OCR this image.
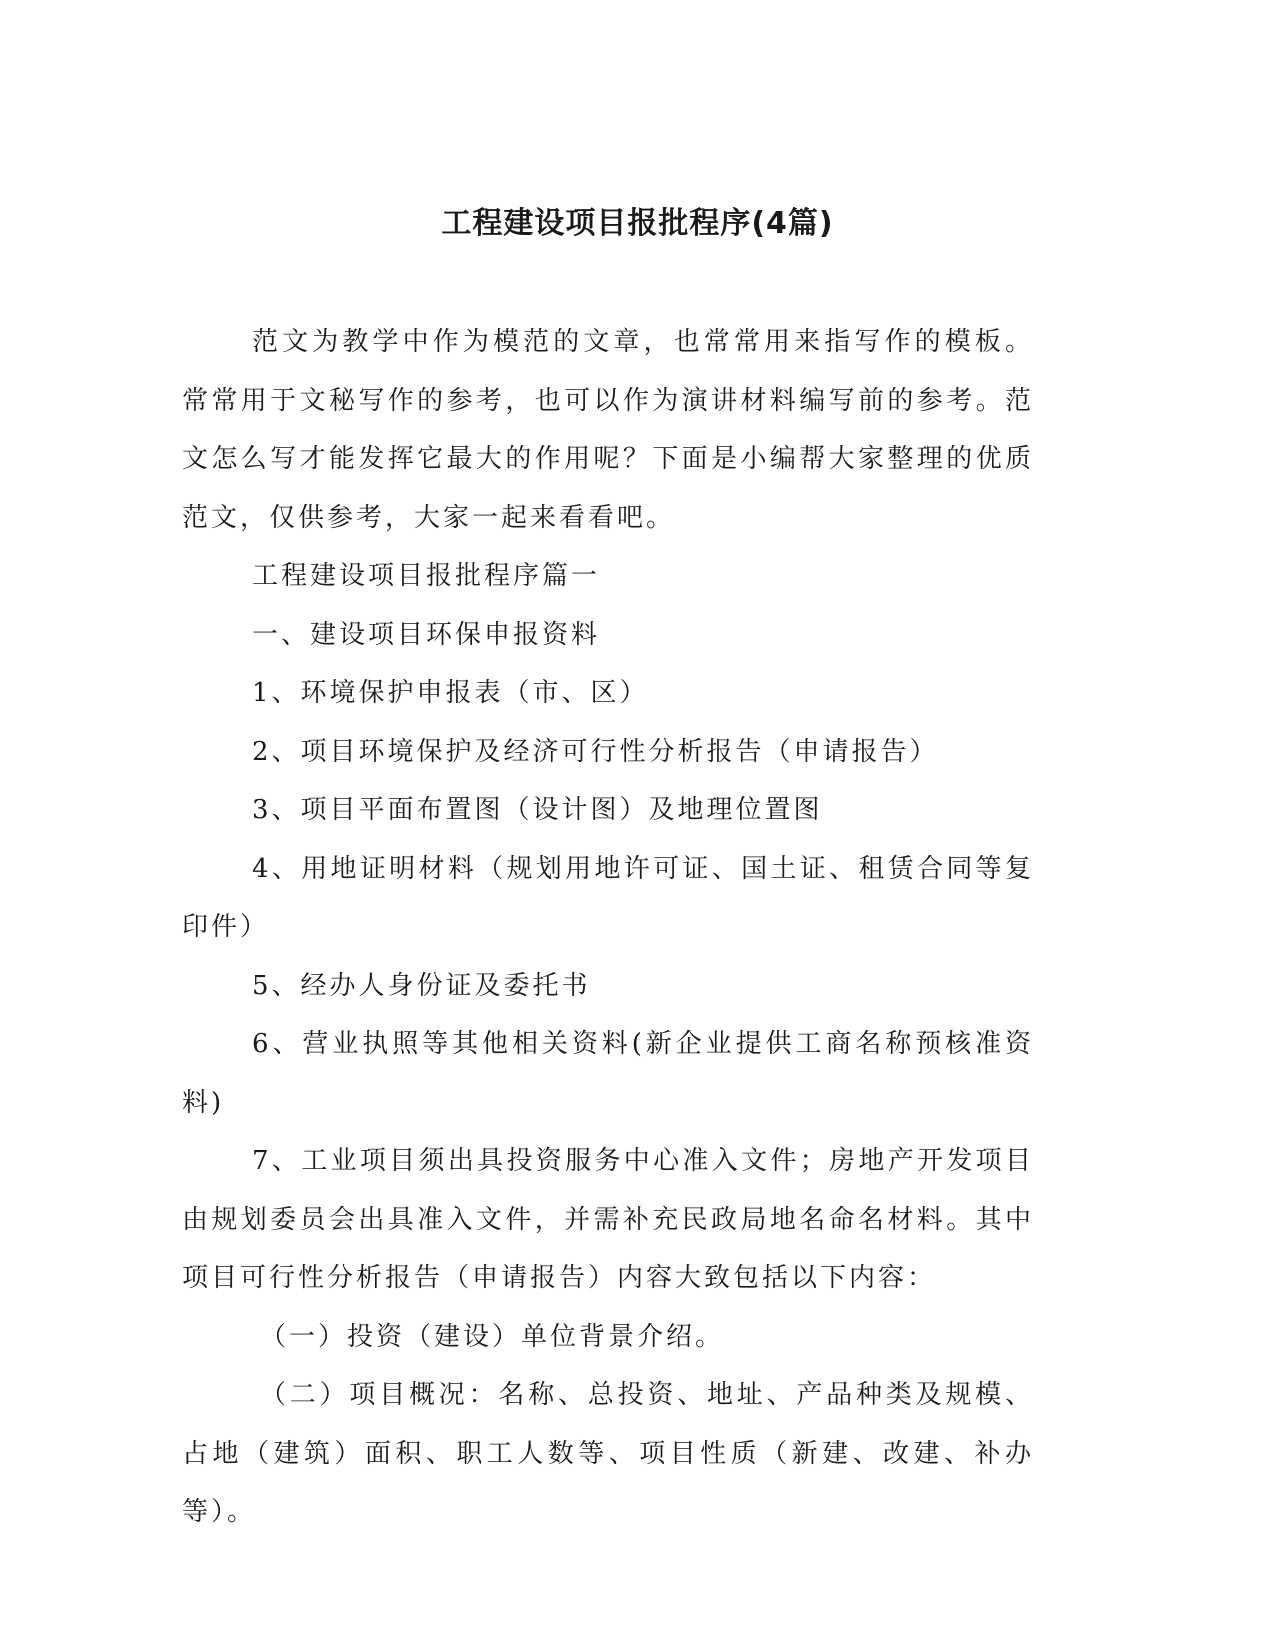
工程建设项目报批程序(4篇)

范文为教学中作为模范的文章，也常常用来指写作的模板。常常用于文秘写作的参考，也可以作为演讲材料编写前的参考。范文怎么写才能发挥它最大的作用呢？下面是小编帮大家整理的优质范文，仅供参考，大家一起来看看吧。

工程建设项目报批程序篇一

一、建设项目环保申报资料

1、环境保护申报表（市、区）

2、项目环境保护及经济可行性分析报告（申请报告）

3、项目平面布置图（设计图）及地理位置图

4、用地证明材料（规划用地许可证、国土证、租赁合同等复印件）

5、经办人身份证及委托书

6、营业执照等其他相关资料(新企业提供工商名称预核准资料)

7、工业项目须出具投资服务中心准入文件；房地产开发项目由规划委员会出具准入文件，并需补充民政局地名命名材料。其中项目可行性分析报告（申请报告）内容大致包括以下内容：

（一）投资（建设）单位背景介绍。

（二）项目概况：名称、总投资、地址、产品种类及规模、占地（建筑）面积、职工人数等、项目性质（新建、改建、补办等）。
